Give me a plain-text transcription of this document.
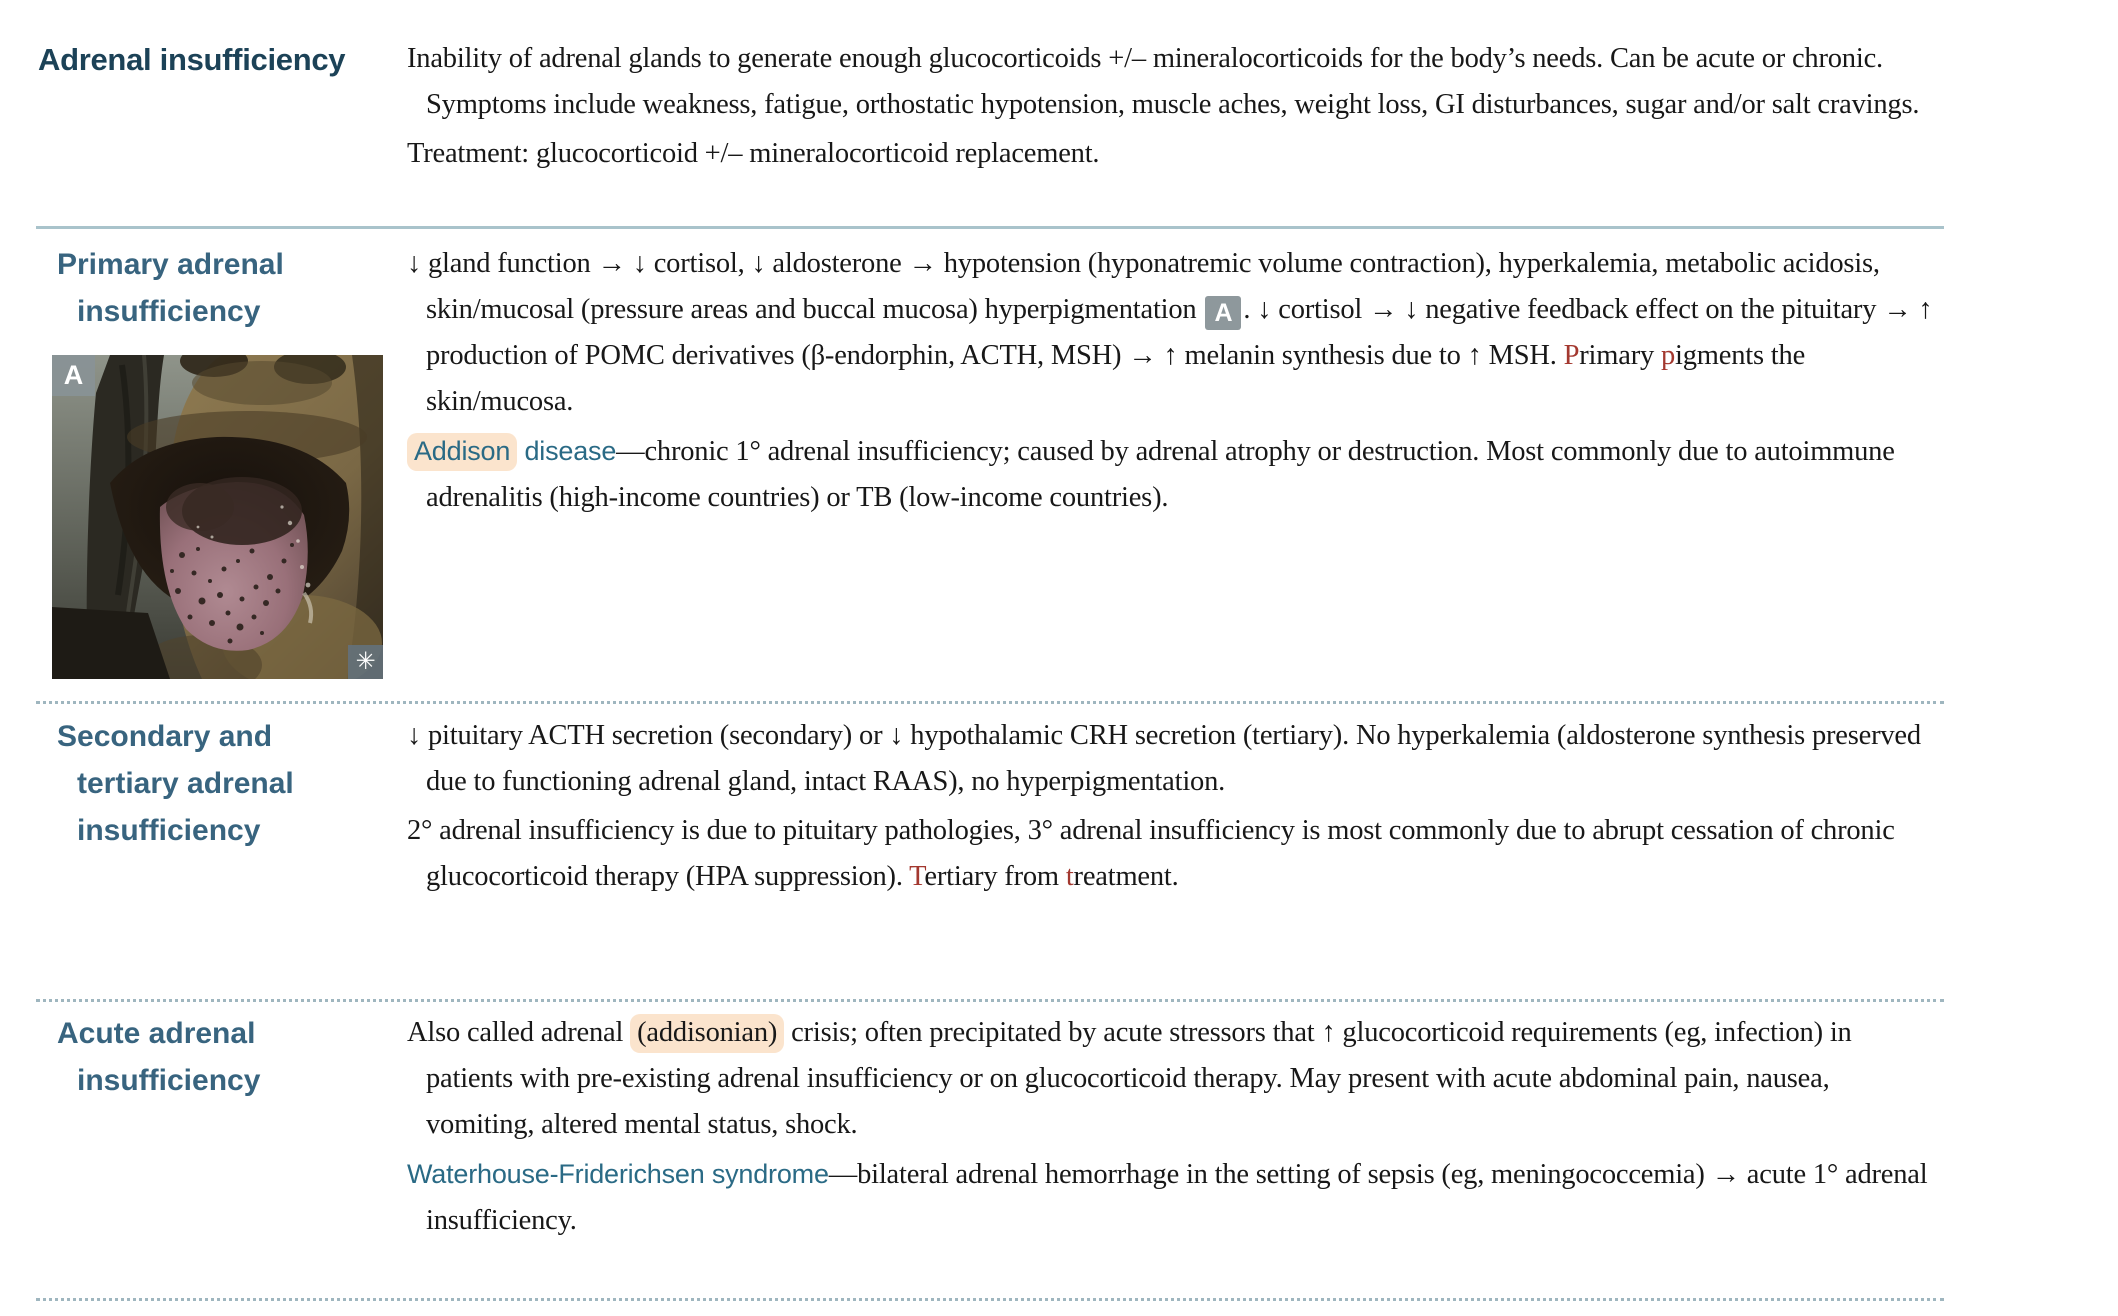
Adrenal insufficiency	Inability of adrenal glands to generate enough glucocorticoids +/– mineralocorticoids for the body’s needs. Can be acute or chronic. Symptoms include weakness, fatigue, orthostatic hypotension, muscle aches, weight loss, GI disturbances, sugar and/or salt cravings.

Treatment: glucocorticoid +/– mineralocorticoid replacement.

Primary adrenal
insufficiency
A
✳

↓ gland function → ↓ cortisol, ↓ aldosterone → hypotension (hyponatremic volume contraction), hyperkalemia, metabolic acidosis, skin/mucosal (pressure areas and buccal mucosa) hyperpigmentation A . ↓ cortisol → ↓ negative feedback effect on the pituitary → ↑ production of POMC derivatives (β-endorphin, ACTH, MSH) → ↑ melanin synthesis due to ↑ MSH. Primary pigments the skin/mucosa.

Addison disease—chronic 1° adrenal insufficiency; caused by adrenal atrophy or destruction. Most commonly due to autoimmune adrenalitis (high-income countries) or TB (low-income countries).

Secondary and
tertiary adrenal
insufficiency

↓ pituitary ACTH secretion (secondary) or ↓ hypothalamic CRH secretion (tertiary). No hyperkalemia (aldosterone synthesis preserved due to functioning adrenal gland, intact RAAS), no hyperpigmentation.

2° adrenal insufficiency is due to pituitary pathologies, 3° adrenal insufficiency is most commonly due to abrupt cessation of chronic glucocorticoid therapy (HPA suppression). Tertiary from treatment.

Acute adrenal
insufficiency

Also called adrenal (addisonian) crisis; often precipitated by acute stressors that ↑ glucocorticoid requirements (eg, infection) in patients with pre-existing adrenal insufficiency or on glucocorticoid therapy. May present with acute abdominal pain, nausea, vomiting, altered mental status, shock.

Waterhouse-Friderichsen syndrome—bilateral adrenal hemorrhage in the setting of sepsis (eg, meningococcemia) → acute 1° adrenal insufficiency.
